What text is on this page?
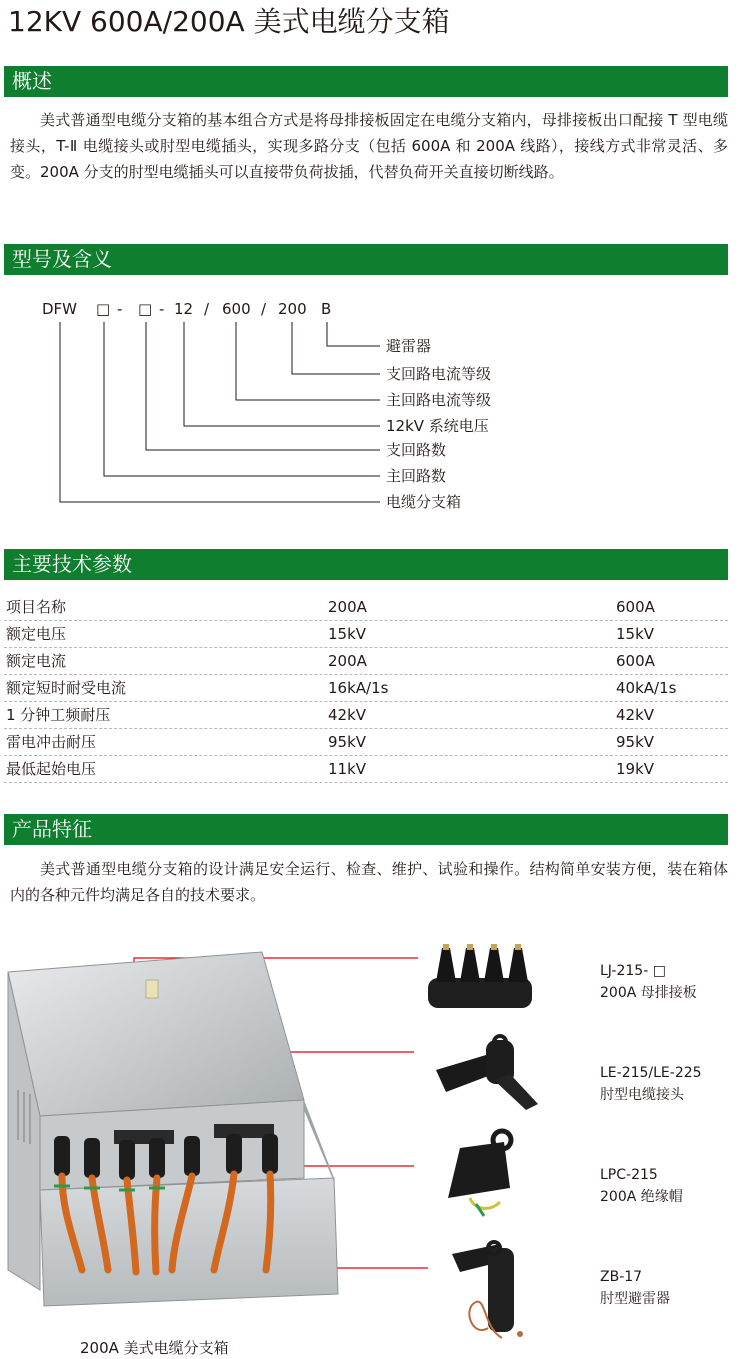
12KV 600A/200A 美式电缆分支箱
概述

美式普通型电缆分支箱的基本组合方式是将母排接板固定在电缆分支箱内，母排接板出口配接 T 型电缆接头，T-Ⅱ 电缆接头或肘型电缆插头，实现多路分支（包括 600A 和 200A 线路），接线方式非常灵活、多变。200A 分支的肘型电缆插头可以直接带负荷拔插，代替负荷开关直接切断线路。

型号及含义
DFW □ - □ - 12 / 600 / 200 B
避雷器
支回路电流等级
主回路电流等级
12kV 系统电压
支回路数
主回路数
电缆分支箱
主要技术参数
项目名称	200A	600A
额定电压	15kV	15kV
额定电流	200A	600A
额定短时耐受电流	16kA/1s	40kA/1s
1 分钟工频耐压	42kV	42kV
雷电冲击耐压	95kV	95kV
最低起始电压	11kV	19kV
产品特征

美式普通型电缆分支箱的设计满足安全运行、检查、维护、试验和操作。结构简单安装方便，装在箱体内的各种元件均满足各自的技术要求。

200A 美式电缆分支箱
LJ-215- □
200A 母排接板
LE-215/LE-225
肘型电缆接头
LPC-215
200A 绝缘帽
ZB-17
肘型避雷器
